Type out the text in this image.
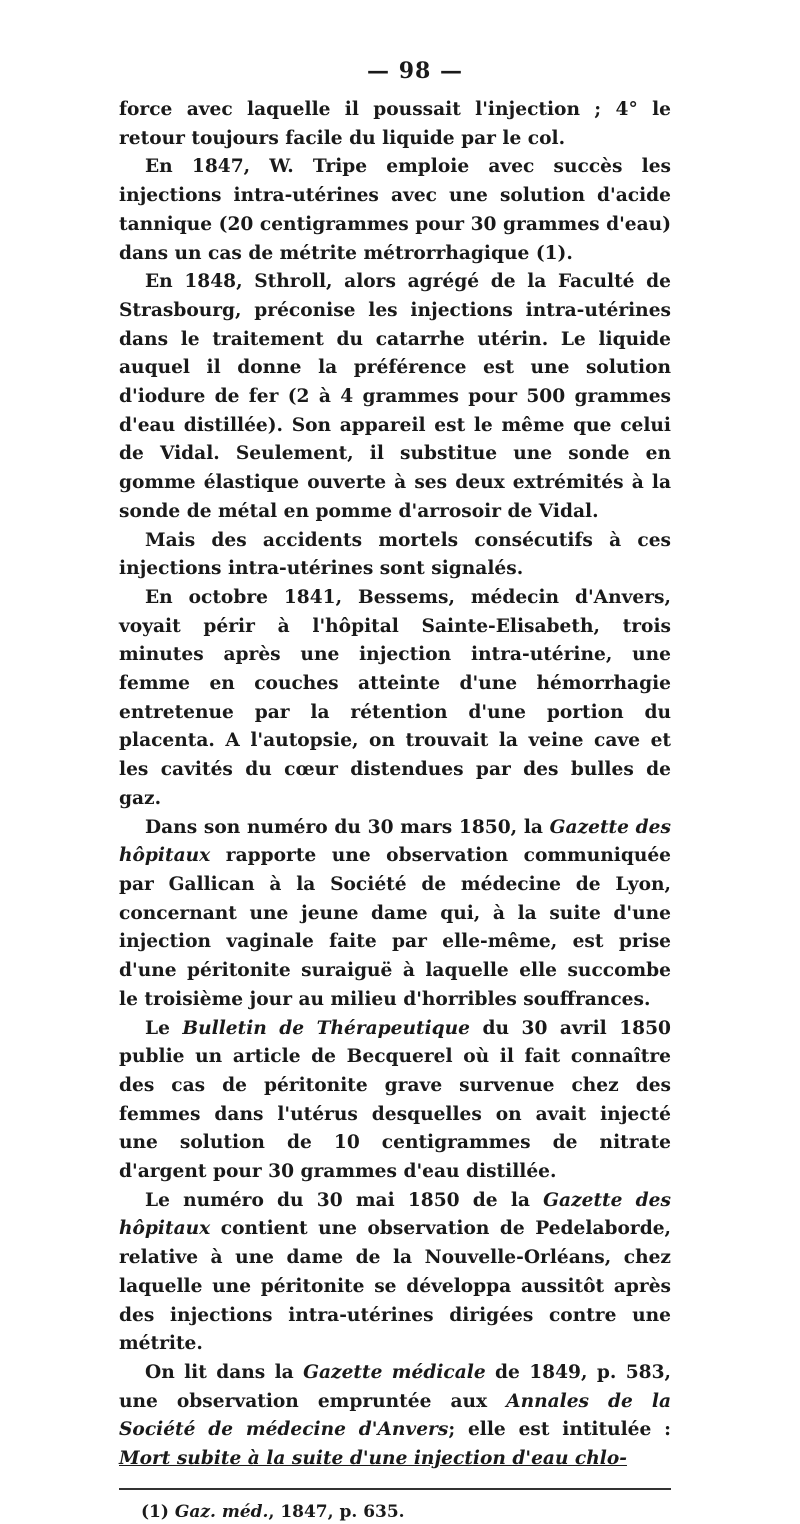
— 98 —

force avec laquelle il poussait l'injection ; 4° le retour toujours facile du liquide par le col.

En 1847, W. Tripe emploie avec succès les injections intra-utérines avec une solution d'acide tannique (20 centigrammes pour 30 grammes d'eau) dans un cas de métrite métrorrhagique (1).

En 1848, Sthroll, alors agrégé de la Faculté de Strasbourg, préconise les injections intra-utérines dans le traitement du catarrhe utérin. Le liquide auquel il donne la préférence est une solution d'iodure de fer (2 à 4 grammes pour 500 grammes d'eau distillée). Son appareil est le même que celui de Vidal. Seulement, il substitue une sonde en gomme élastique ouverte à ses deux extrémités à la sonde de métal en pomme d'arrosoir de Vidal.

Mais des accidents mortels consécutifs à ces injections intra-utérines sont signalés.

En octobre 1841, Bessems, médecin d'Anvers, voyait périr à l'hôpital Sainte-Elisabeth, trois minutes après une injection intra-utérine, une femme en couches atteinte d'une hémorrhagie entretenue par la rétention d'une portion du placenta. A l'autopsie, on trouvait la veine cave et les cavités du cœur distendues par des bulles de gaz.

Dans son numéro du 30 mars 1850, la Gazette des hôpitaux rapporte une observation communiquée par Gallican à la Société de médecine de Lyon, concernant une jeune dame qui, à la suite d'une injection vaginale faite par elle-même, est prise d'une péritonite suraiguë à laquelle elle succombe le troisième jour au milieu d'horribles souffrances.

Le Bulletin de Thérapeutique du 30 avril 1850 publie un article de Becquerel où il fait connaître des cas de péritonite grave survenue chez des femmes dans l'utérus desquelles on avait injecté une solution de 10 centigrammes de nitrate d'argent pour 30 grammes d'eau distillée.

Le numéro du 30 mai 1850 de la Gazette des hôpitaux contient une observation de Pedelaborde, relative à une dame de la Nouvelle-Orléans, chez laquelle une péritonite se développa aussitôt après des injections intra-utérines dirigées contre une métrite.

On lit dans la Gazette médicale de 1849, p. 583, une observation empruntée aux Annales de la Société de médecine d'Anvers; elle est intitulée : Mort subite à la suite d'une injection d'eau chlo-

(1) Gaz. méd., 1847, p. 635.
